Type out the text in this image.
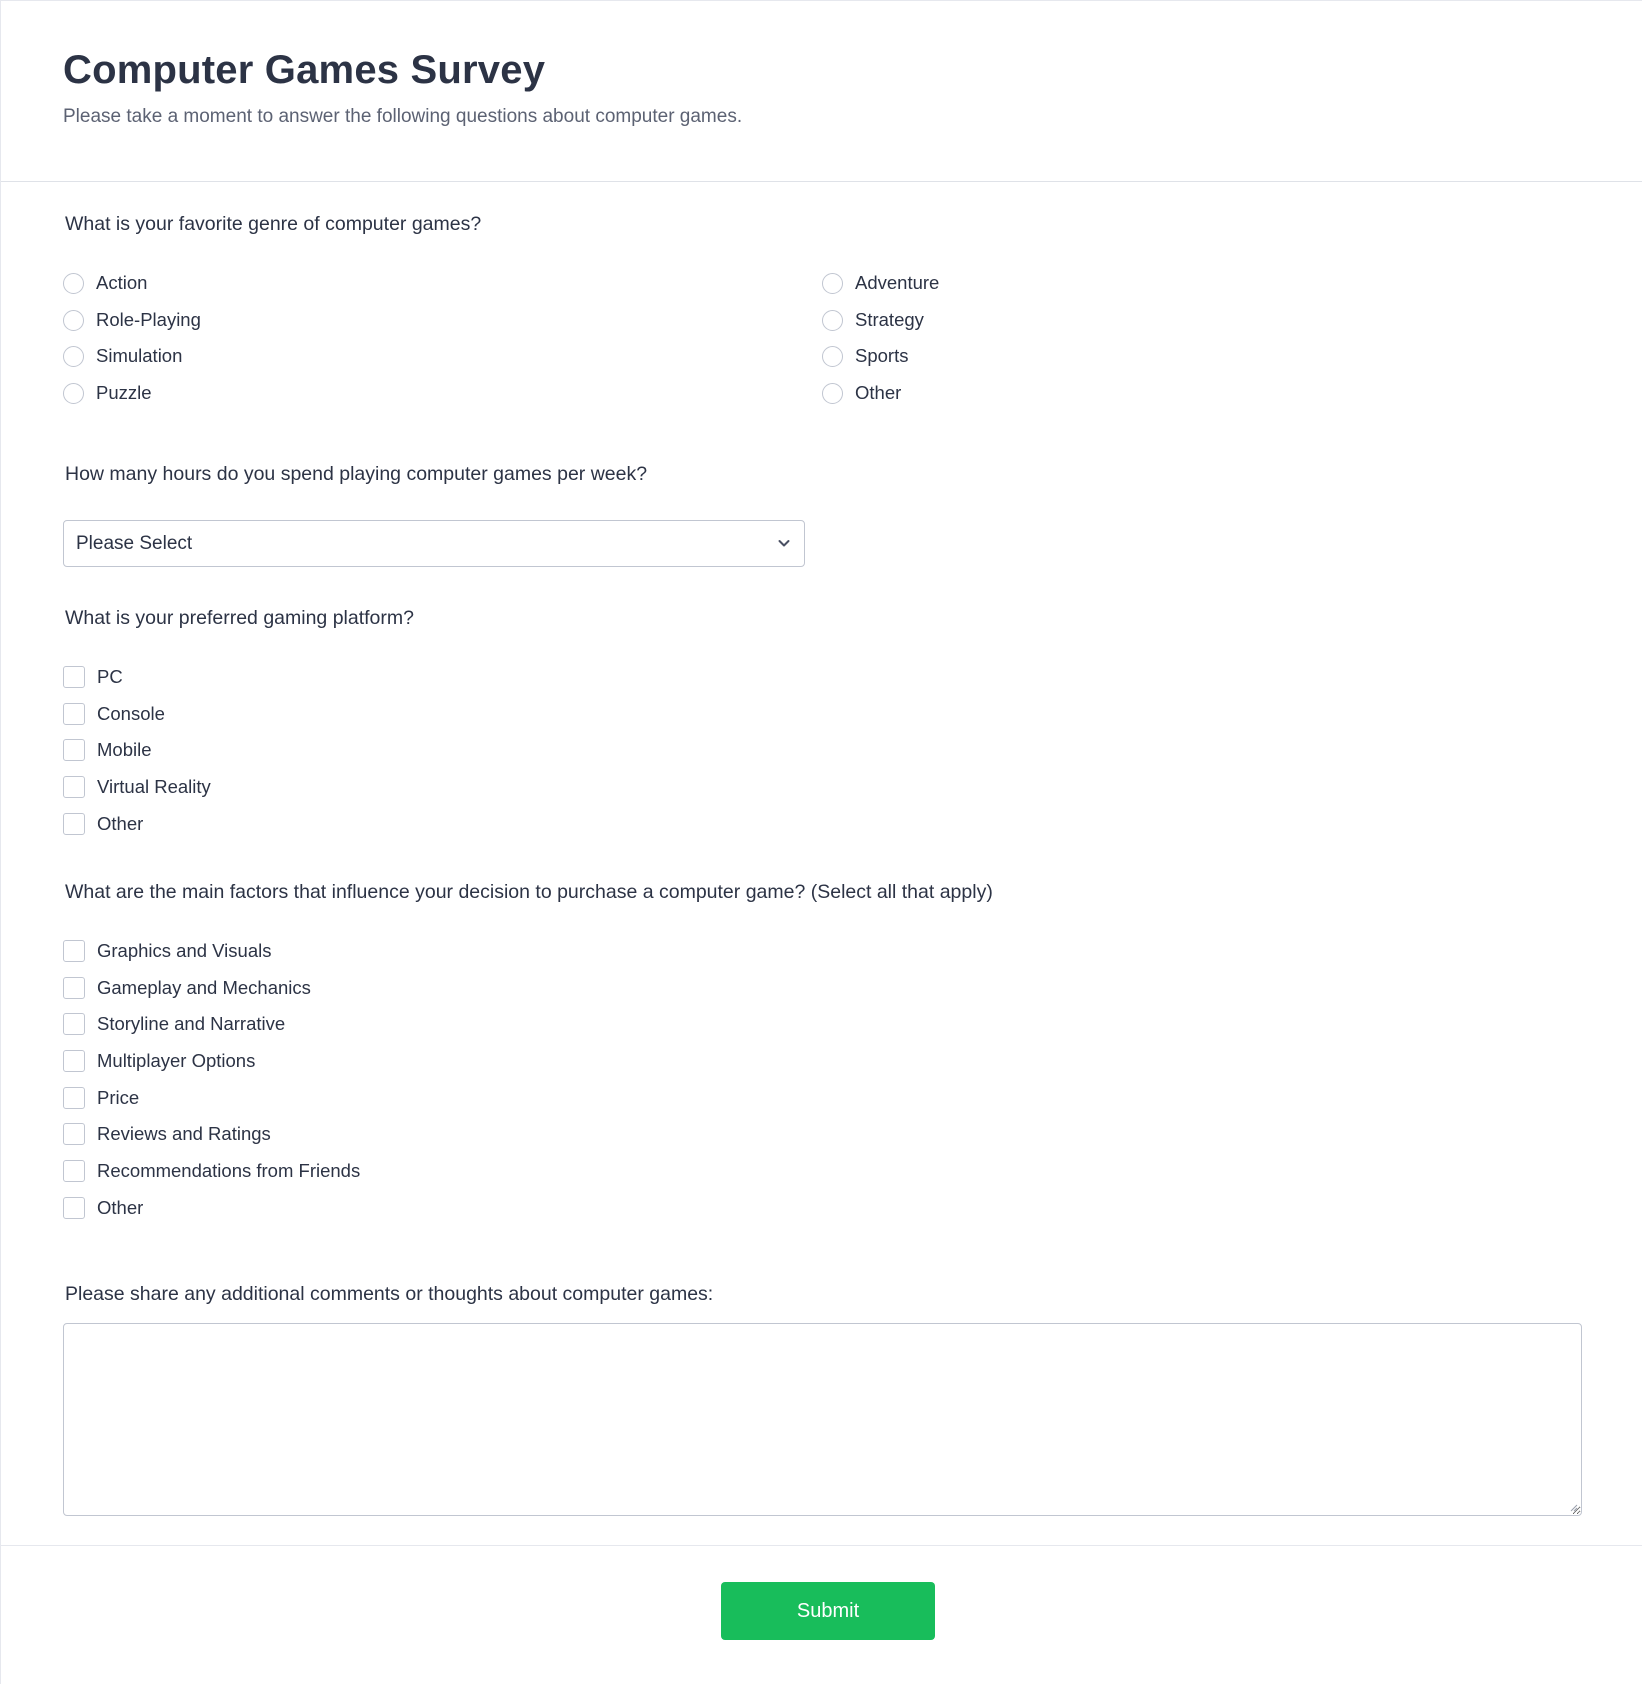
Computer Games Survey

Please take a moment to answer the following questions about computer games.

What is your favorite genre of computer games?
Action	Adventure
Role-Playing	Strategy
Simulation	Sports
Puzzle	Other
How many hours do you spend playing computer games per week?
Please Select
What is your preferred gaming platform?
PC
Console
Mobile
Virtual Reality
Other
What are the main factors that influence your decision to purchase a computer game? (Select all that apply)
Graphics and Visuals
Gameplay and Mechanics
Storyline and Narrative
Multiplayer Options
Price
Reviews and Ratings
Recommendations from Friends
Other
Please share any additional comments or thoughts about computer games:
Submit
